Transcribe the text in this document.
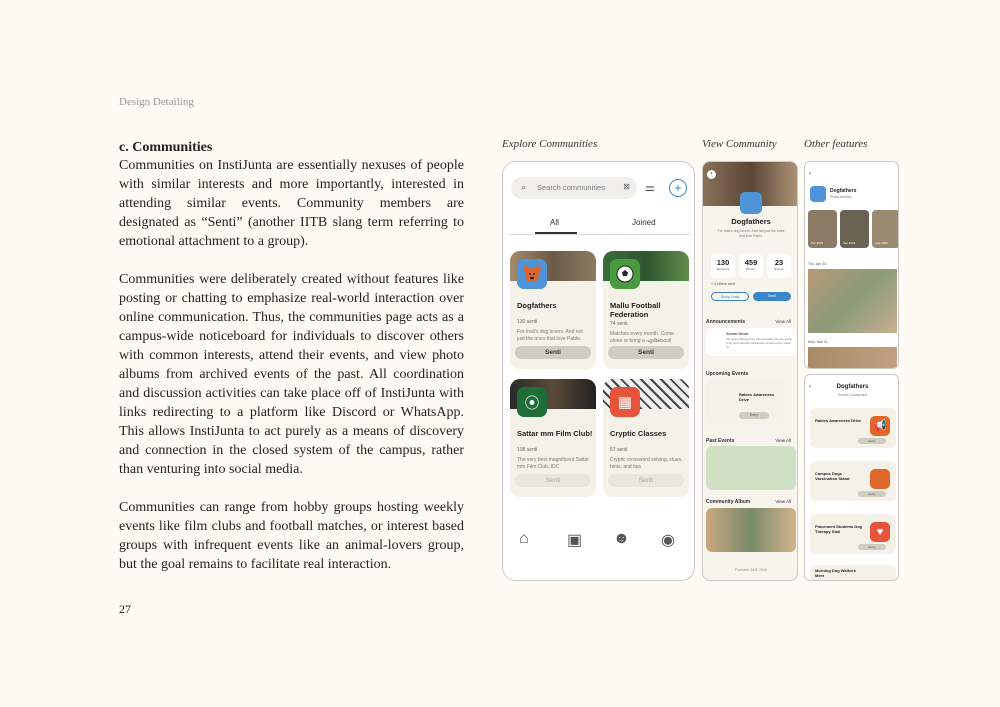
Design Detailing
c. Communities

Communities on InstiJunta are essentially nexuses of people with similar interests and more importantly, interested in attending similar events. Community members are designated as “Senti” (another IITB slang term referring to emotional attachment to a group).

Communities were deliberately created without features like posting or chatting to emphasize real-world interaction over online communication. Thus, the communities page acts as a campus-wide noticeboard for individuals to discover others with common interests, attend their events, and view photo albums from archived events of the past. All coordination and discussion activities can take place off of InstiJunta with links redirecting to a platform like Discord or WhatsApp. This allows InstiJunta to act purely as a means of discovery and connection in the closed system of the campus, rather than venturing into social media.

Communities can range from hobby groups hosting weekly events like film clubs and football matches, or interest based groups with infrequent events like an animal-lovers group, but the goal remains to facilitate real interaction.

27
Explore Communities	View Community Other features
⌕ Search communities ⊠ ⚌	+
All	Joined
Dogfathers
130 senti
For Insti's dog lovers. And not just the ones that love Pablo.
Senti
Mallu Football Federation
74 senti
Matches every month. Come alone or bring a ഫുട്ബോൾ
Senti
⦿
Sattar mm Film Club!
108 senti
The very best magnificent Sattar mm Film Club, IDC
Senti
▦
Cryptic Classes
57 senti
Cryptic crossword solving, clues, hints, and tips
Senti
⌂ ▣ ☻ ◉
‹
Dogfathers
For Insti's dog lovers. And not just the ones that love Pablo.
130
Members
459
Photos
23
Events
+ 4 others senti
Group Links	Senti
Announcements	View All
Suman Nesat
We guys starting from this semester we are going to try and conduct vaccination drives every week on...
Upcoming Events
Rabies Awareness Drive
Entry
Past Events	View All
Community Album	View All
Founded Jul 8, 2018
‹
Dogfathers
Photo Archive
Apr 2023	Jan 2023	Aug 2022
Thu, Apr 24
Mon, Mar 31
‹	Dogfathers
Events Conducted
Rabies Awareness Drive	📢
Entry
Campus Dogs Vaccination Stand
Entry
Placement Students Dog Therapy Stall	♥
Entry
Morning Dog Walkers Meet
